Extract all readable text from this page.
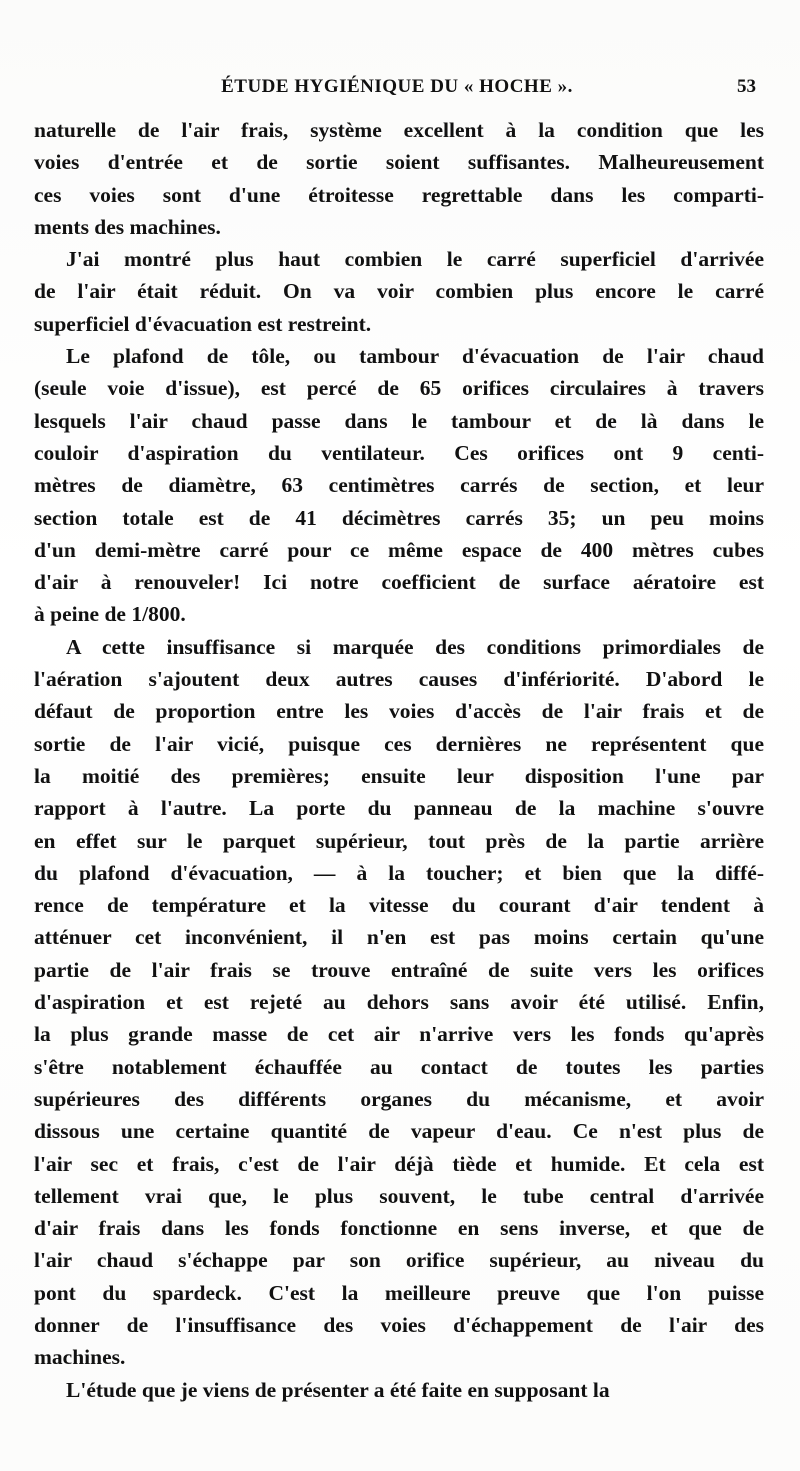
ÉTUDE HYGIÉNIQUE DU « HOCHE ».	53
naturelle de l'air frais, système excellent à la condition que les
voies d'entrée et de sortie soient suffisantes. Malheureusement
ces voies sont d'une étroitesse regrettable dans les comparti-
ments des machines.
J'ai montré plus haut combien le carré superficiel d'arrivée
de l'air était réduit. On va voir combien plus encore le carré
superficiel d'évacuation est restreint.
Le plafond de tôle, ou tambour d'évacuation de l'air chaud
(seule voie d'issue), est percé de 65 orifices circulaires à travers
lesquels l'air chaud passe dans le tambour et de là dans le
couloir d'aspiration du ventilateur. Ces orifices ont 9 centi-
mètres de diamètre, 63 centimètres carrés de section, et leur
section totale est de 41 décimètres carrés 35; un peu moins
d'un demi-mètre carré pour ce même espace de 400 mètres cubes
d'air à renouveler! Ici notre coefficient de surface aératoire est
à peine de 1/800.
A cette insuffisance si marquée des conditions primordiales de
l'aération s'ajoutent deux autres causes d'infériorité. D'abord le
défaut de proportion entre les voies d'accès de l'air frais et de
sortie de l'air vicié, puisque ces dernières ne représentent que
la moitié des premières; ensuite leur disposition l'une par
rapport à l'autre. La porte du panneau de la machine s'ouvre
en effet sur le parquet supérieur, tout près de la partie arrière
du plafond d'évacuation, — à la toucher; et bien que la diffé-
rence de température et la vitesse du courant d'air tendent à
atténuer cet inconvénient, il n'en est pas moins certain qu'une
partie de l'air frais se trouve entraîné de suite vers les orifices
d'aspiration et est rejeté au dehors sans avoir été utilisé. Enfin,
la plus grande masse de cet air n'arrive vers les fonds qu'après
s'être notablement échauffée au contact de toutes les parties
supérieures des différents organes du mécanisme, et avoir
dissous une certaine quantité de vapeur d'eau. Ce n'est plus de
l'air sec et frais, c'est de l'air déjà tiède et humide. Et cela est
tellement vrai que, le plus souvent, le tube central d'arrivée
d'air frais dans les fonds fonctionne en sens inverse, et que de
l'air chaud s'échappe par son orifice supérieur, au niveau du
pont du spardeck. C'est la meilleure preuve que l'on puisse
donner de l'insuffisance des voies d'échappement de l'air des
machines.
L'étude que je viens de présenter a été faite en supposant la
